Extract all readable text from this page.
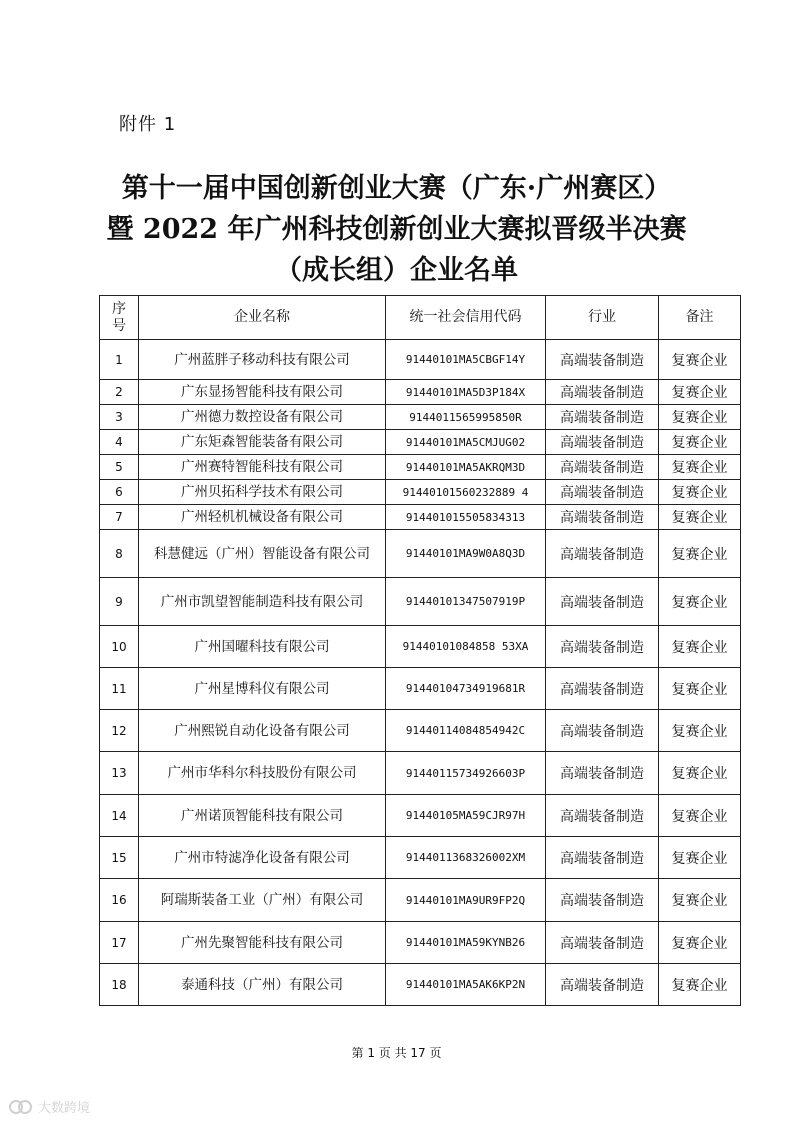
附件 1
第十一届中国创新创业大赛（广东·广州赛区）
暨 2022 年广州科技创新创业大赛拟晋级半决赛
（成长组）企业名单
序号	企业名称	统一社会信用代码	行业	备注
1	广州蓝胖子移动科技有限公司	91440101MA5CBGF14Y	高端装备制造	复赛企业
2	广东显扬智能科技有限公司	91440101MA5D3P184X	高端装备制造	复赛企业
3	广州德力数控设备有限公司	9144011565995850R	高端装备制造	复赛企业
4	广东矩森智能装备有限公司	91440101MA5CMJUG02	高端装备制造	复赛企业
5	广州赛特智能科技有限公司	91440101MA5AKRQM3D	高端装备制造	复赛企业
6	广州贝拓科学技术有限公司	91440101560232889 4	高端装备制造	复赛企业
7	广州轻机机械设备有限公司	914401015505834313	高端装备制造	复赛企业
8	科慧健远（广州）智能设备有限公司	91440101MA9W0A8Q3D	高端装备制造	复赛企业
9	广州市凯望智能制造科技有限公司	91440101347507919P	高端装备制造	复赛企业
10	广州国曜科技有限公司	91440101084858 53XA	高端装备制造	复赛企业
11	广州星博科仪有限公司	91440104734919681R	高端装备制造	复赛企业
12	广州熙锐自动化设备有限公司	91440114084854942C	高端装备制造	复赛企业
13	广州市华科尔科技股份有限公司	91440115734926603P	高端装备制造	复赛企业
14	广州诺顶智能科技有限公司	91440105MA59CJR97H	高端装备制造	复赛企业
15	广州市特滤净化设备有限公司	9144011368326002XM	高端装备制造	复赛企业
16	阿瑞斯装备工业（广州）有限公司	91440101MA9UR9FP2Q	高端装备制造	复赛企业
17	广州先聚智能科技有限公司	91440101MA59KYNB26	高端装备制造	复赛企业
18	泰通科技（广州）有限公司	91440101MA5AK6KP2N	高端装备制造	复赛企业
第 1 页 共 17 页
大数跨境
